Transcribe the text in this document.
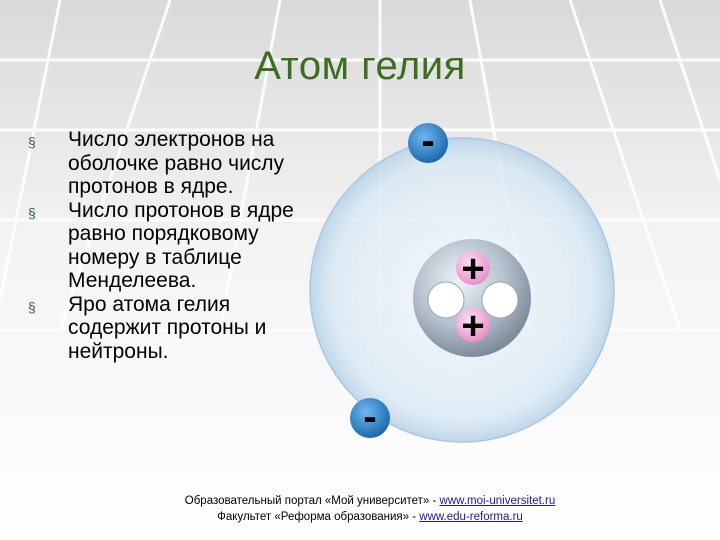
Атом гелия
§ Число электронов на оболочке равно числу протонов в ядре.
§ Число протонов в ядре равно порядковому номеру в таблице Менделеева.
§ Яро атома гелия содержит протоны и нейтроны.
+
+
-
-
Образовательный портал «Мой университет» - www.moi-universitet.ru
Факультет «Реформа образования» - www.edu-reforma.ru
